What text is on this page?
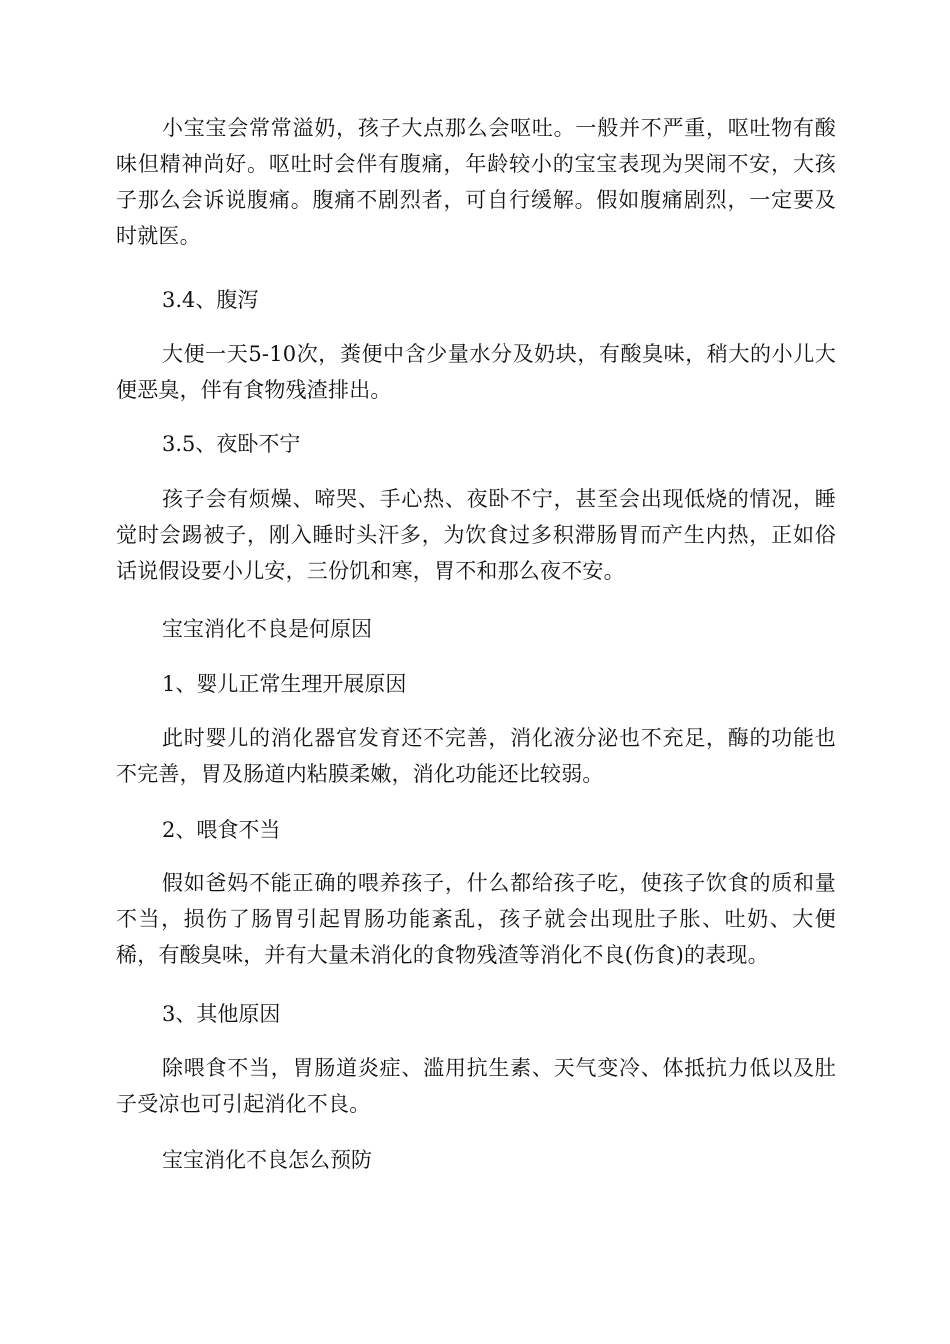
小宝宝会常常溢奶，孩子大点那么会呕吐。一般并不严重，呕吐物有酸味但精神尚好。呕吐时会伴有腹痛，年龄较小的宝宝表现为哭闹不安，大孩子那么会诉说腹痛。腹痛不剧烈者，可自行缓解。假如腹痛剧烈，一定要及时就医。

3.4、腹泻

大便一天5-10次，粪便中含少量水分及奶块，有酸臭味，稍大的小儿大便恶臭，伴有食物残渣排出。

3.5、夜卧不宁

孩子会有烦燥、啼哭、手心热、夜卧不宁，甚至会出现低烧的情况，睡觉时会踢被子，刚入睡时头汗多，为饮食过多积滞肠胃而产生内热，正如俗话说假设要小儿安，三份饥和寒，胃不和那么夜不安。

宝宝消化不良是何原因
1、婴儿正常生理开展原因

此时婴儿的消化器官发育还不完善，消化液分泌也不充足，酶的功能也不完善，胃及肠道内粘膜柔嫩，消化功能还比较弱。

2、喂食不当

假如爸妈不能正确的喂养孩子，什么都给孩子吃，使孩子饮食的质和量不当，损伤了肠胃引起胃肠功能紊乱，孩子就会出现肚子胀、吐奶、大便稀，有酸臭味，并有大量未消化的食物残渣等消化不良(伤食)的表现。

3、其他原因

除喂食不当，胃肠道炎症、滥用抗生素、天气变冷、体抵抗力低以及肚子受凉也可引起消化不良。

宝宝消化不良怎么预防
